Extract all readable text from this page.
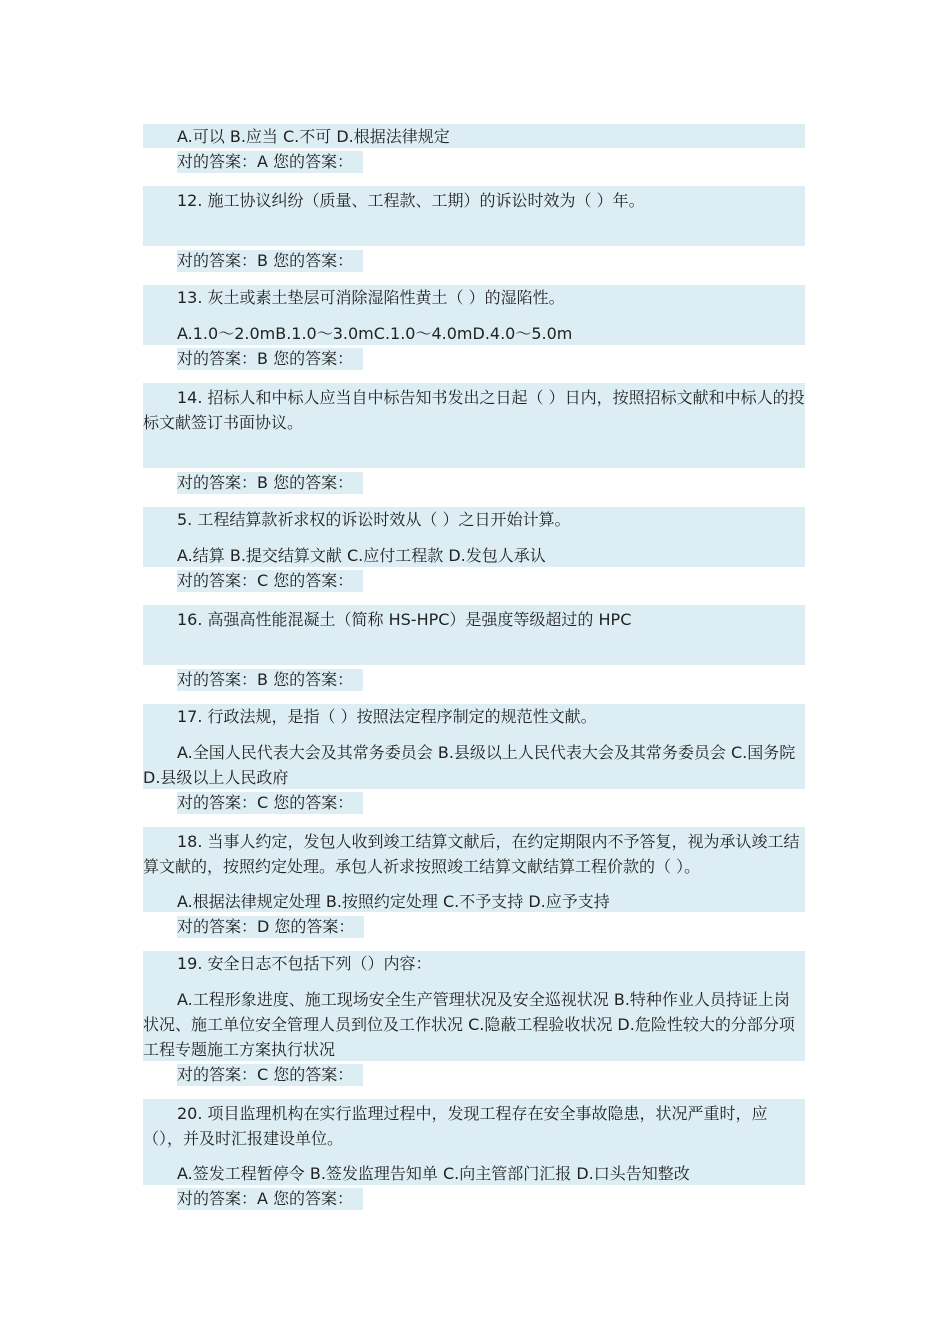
A.可以 B.应当 C.不可 D.根据法律规定

对的答案：A 您的答案：

12. 施工协议纠纷（质量、工程款、工期）的诉讼时效为（ ）年。

对的答案：B 您的答案：

13. 灰土或素土垫层可消除湿陷性黄土（ ）的湿陷性。

A.1.0～2.0mB.1.0～3.0mC.1.0～4.0mD.4.0～5.0m

对的答案：B 您的答案：

14. 招标人和中标人应当自中标告知书发出之日起（ ）日内，按照招标文献和中标人的投标文献签订书面协议。

对的答案：B 您的答案：

5. 工程结算款祈求权的诉讼时效从（ ）之日开始计算。

A.结算 B.提交结算文献 C.应付工程款 D.发包人承认

对的答案：C 您的答案：

16. 高强高性能混凝土（简称 HS-HPC）是强度等级超过的 HPC

对的答案：B 您的答案：

17. 行政法规，是指（ ）按照法定程序制定的规范性文献。

A.全国人民代表大会及其常务委员会 B.县级以上人民代表大会及其常务委员会 C.国务院 D.县级以上人民政府

对的答案：C 您的答案：

18. 当事人约定，发包人收到竣工结算文献后，在约定期限内不予答复，视为承认竣工结算文献的，按照约定处理。承包人祈求按照竣工结算文献结算工程价款的（ ）。

A.根据法律规定处理 B.按照约定处理 C.不予支持 D.应予支持

对的答案：D 您的答案：

19. 安全日志不包括下列（）内容：

A.工程形象进度、施工现场安全生产管理状况及安全巡视状况 B.特种作业人员持证上岗状况、施工单位安全管理人员到位及工作状况 C.隐蔽工程验收状况 D.危险性较大的分部分项工程专题施工方案执行状况

对的答案：C 您的答案：

20. 项目监理机构在实行监理过程中，发现工程存在安全事故隐患，状况严重时，应（），并及时汇报建设单位。

A.签发工程暂停令 B.签发监理告知单 C.向主管部门汇报 D.口头告知整改

对的答案：A 您的答案：
